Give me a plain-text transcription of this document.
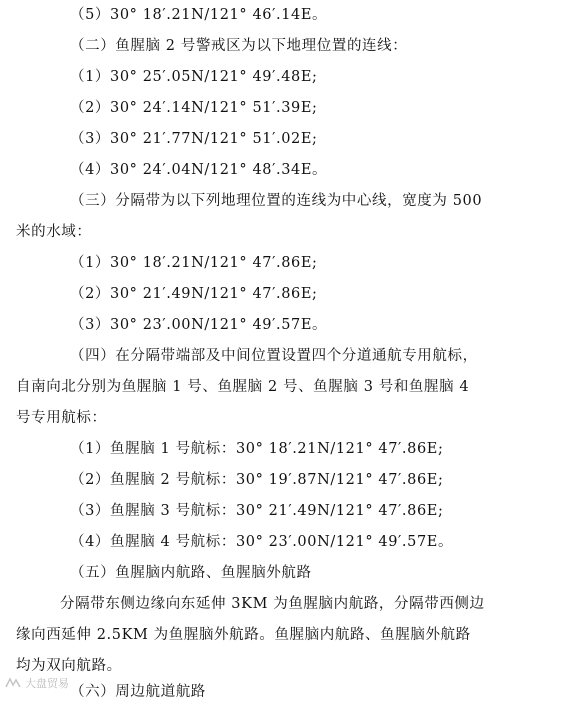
（5）30° 18′.21N/121° 46′.14E。
（二）鱼腥脑 2 号警戒区为以下地理位置的连线：
（1）30° 25′.05N/121° 49′.48E;
（2）30° 24′.14N/121° 51′.39E;
（3）30° 21′.77N/121° 51′.02E;
（4）30° 24′.04N/121° 48′.34E。
（三）分隔带为以下列地理位置的连线为中心线，宽度为 500
米的水域：
（1）30° 18′.21N/121° 47′.86E;
（2）30° 21′.49N/121° 47′.86E;
（3）30° 23′.00N/121° 49′.57E。
（四）在分隔带端部及中间位置设置四个分道通航专用航标，
自南向北分别为鱼腥脑 1 号、鱼腥脑 2 号、鱼腥脑 3 号和鱼腥脑 4
号专用航标：
（1）鱼腥脑 1 号航标：30° 18′.21N/121° 47′.86E;
（2）鱼腥脑 2 号航标：30° 19′.87N/121° 47′.86E;
（3）鱼腥脑 3 号航标：30° 21′.49N/121° 47′.86E;
（4）鱼腥脑 4 号航标：30° 23′.00N/121° 49′.57E。
（五）鱼腥脑内航路、鱼腥脑外航路
分隔带东侧边缘向东延伸 3KM 为鱼腥脑内航路，分隔带西侧边
缘向西延伸 2.5KM 为鱼腥脑外航路。鱼腥脑内航路、鱼腥脑外航路
均为双向航路。
（六）周边航道航路
大盘贸易
